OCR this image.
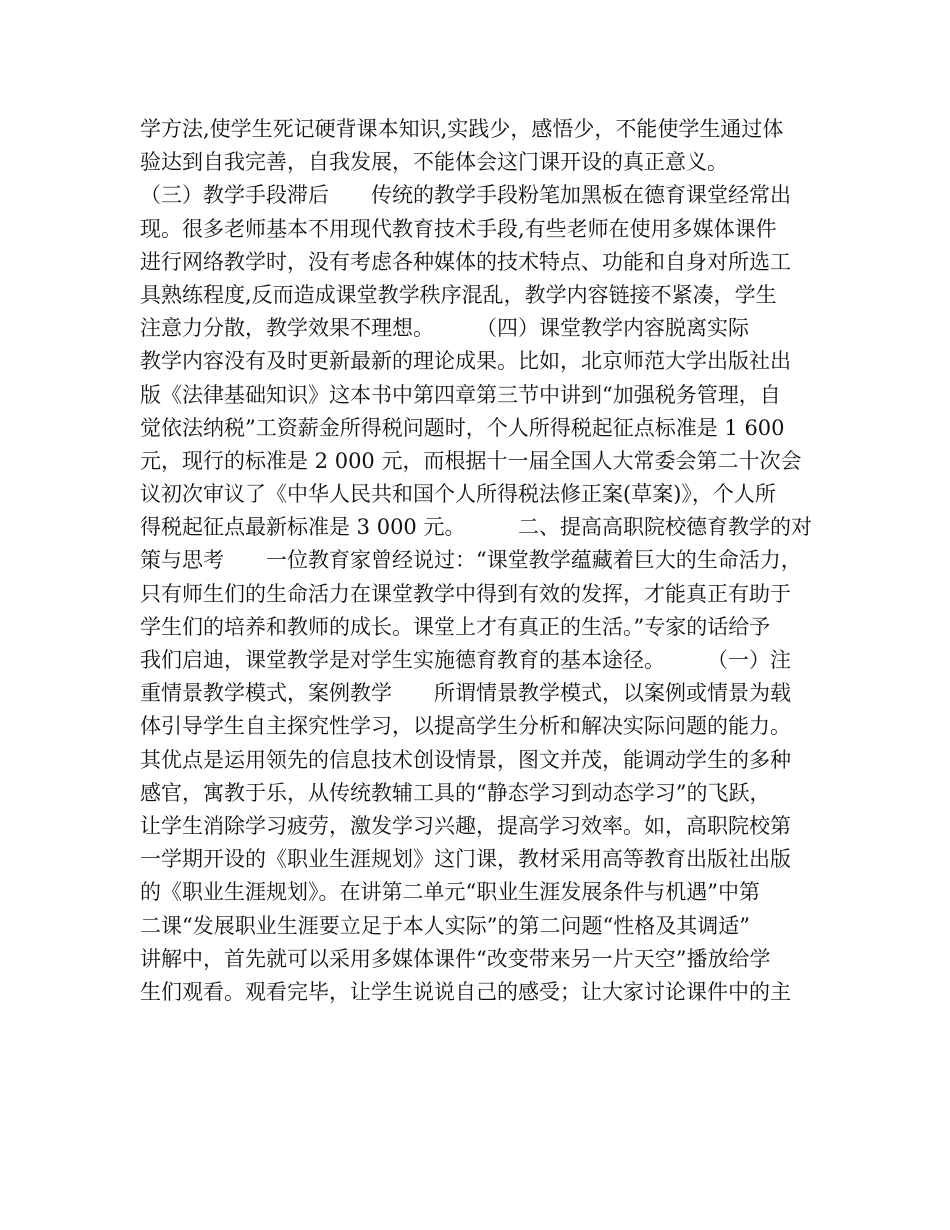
学方法,使学生死记硬背课本知识,实践少，感悟少，不能使学生通过体
验达到自我完善，自我发展，不能体会这门课开设的真正意义。
（三）教学手段滞后　　传统的教学手段粉笔加黑板在德育课堂经常出
现。很多老师基本不用现代教育技术手段,有些老师在使用多媒体课件
进行网络教学时，没有考虑各种媒体的技术特点、功能和自身对所选工
具熟练程度,反而造成课堂教学秩序混乱，教学内容链接不紧凑，学生
注意力分散，教学效果不理想。　　　（四）课堂教学内容脱离实际
教学内容没有及时更新最新的理论成果。比如，北京师范大学出版社出
版《法律基础知识》这本书中第四章第三节中讲到“加强税务管理，自
觉依法纳税”工资薪金所得税问题时，个人所得税起征点标准是 1 600
元，现行的标准是 2 000 元，而根据十一届全国人大常委会第二十次会
议初次审议了《中华人民共和国个人所得税法修正案(草案)》，个人所
得税起征点最新标准是 3 000 元。　　　二、提高高职院校德育教学的对
策与思考　　一位教育家曾经说过：“课堂教学蕴藏着巨大的生命活力，
只有师生们的生命活力在课堂教学中得到有效的发挥，才能真正有助于
学生们的培养和教师的成长。课堂上才有真正的生活。”专家的话给予
我们启迪，课堂教学是对学生实施德育教育的基本途径。　　　（一）注
重情景教学模式，案例教学　　所谓情景教学模式，以案例或情景为载
体引导学生自主探究性学习，以提高学生分析和解决实际问题的能力。
其优点是运用领先的信息技术创设情景，图文并茂，能调动学生的多种
感官，寓教于乐，从传统教辅工具的“静态学习到动态学习”的飞跃，
让学生消除学习疲劳，激发学习兴趣，提高学习效率。如，高职院校第
一学期开设的《职业生涯规划》这门课，教材采用高等教育出版社出版
的《职业生涯规划》。在讲第二单元“职业生涯发展条件与机遇”中第
二课“发展职业生涯要立足于本人实际”的第二问题“性格及其调适”
讲解中，首先就可以采用多媒体课件“改变带来另一片天空”播放给学
生们观看。观看完毕，让学生说说自己的感受；让大家讨论课件中的主
